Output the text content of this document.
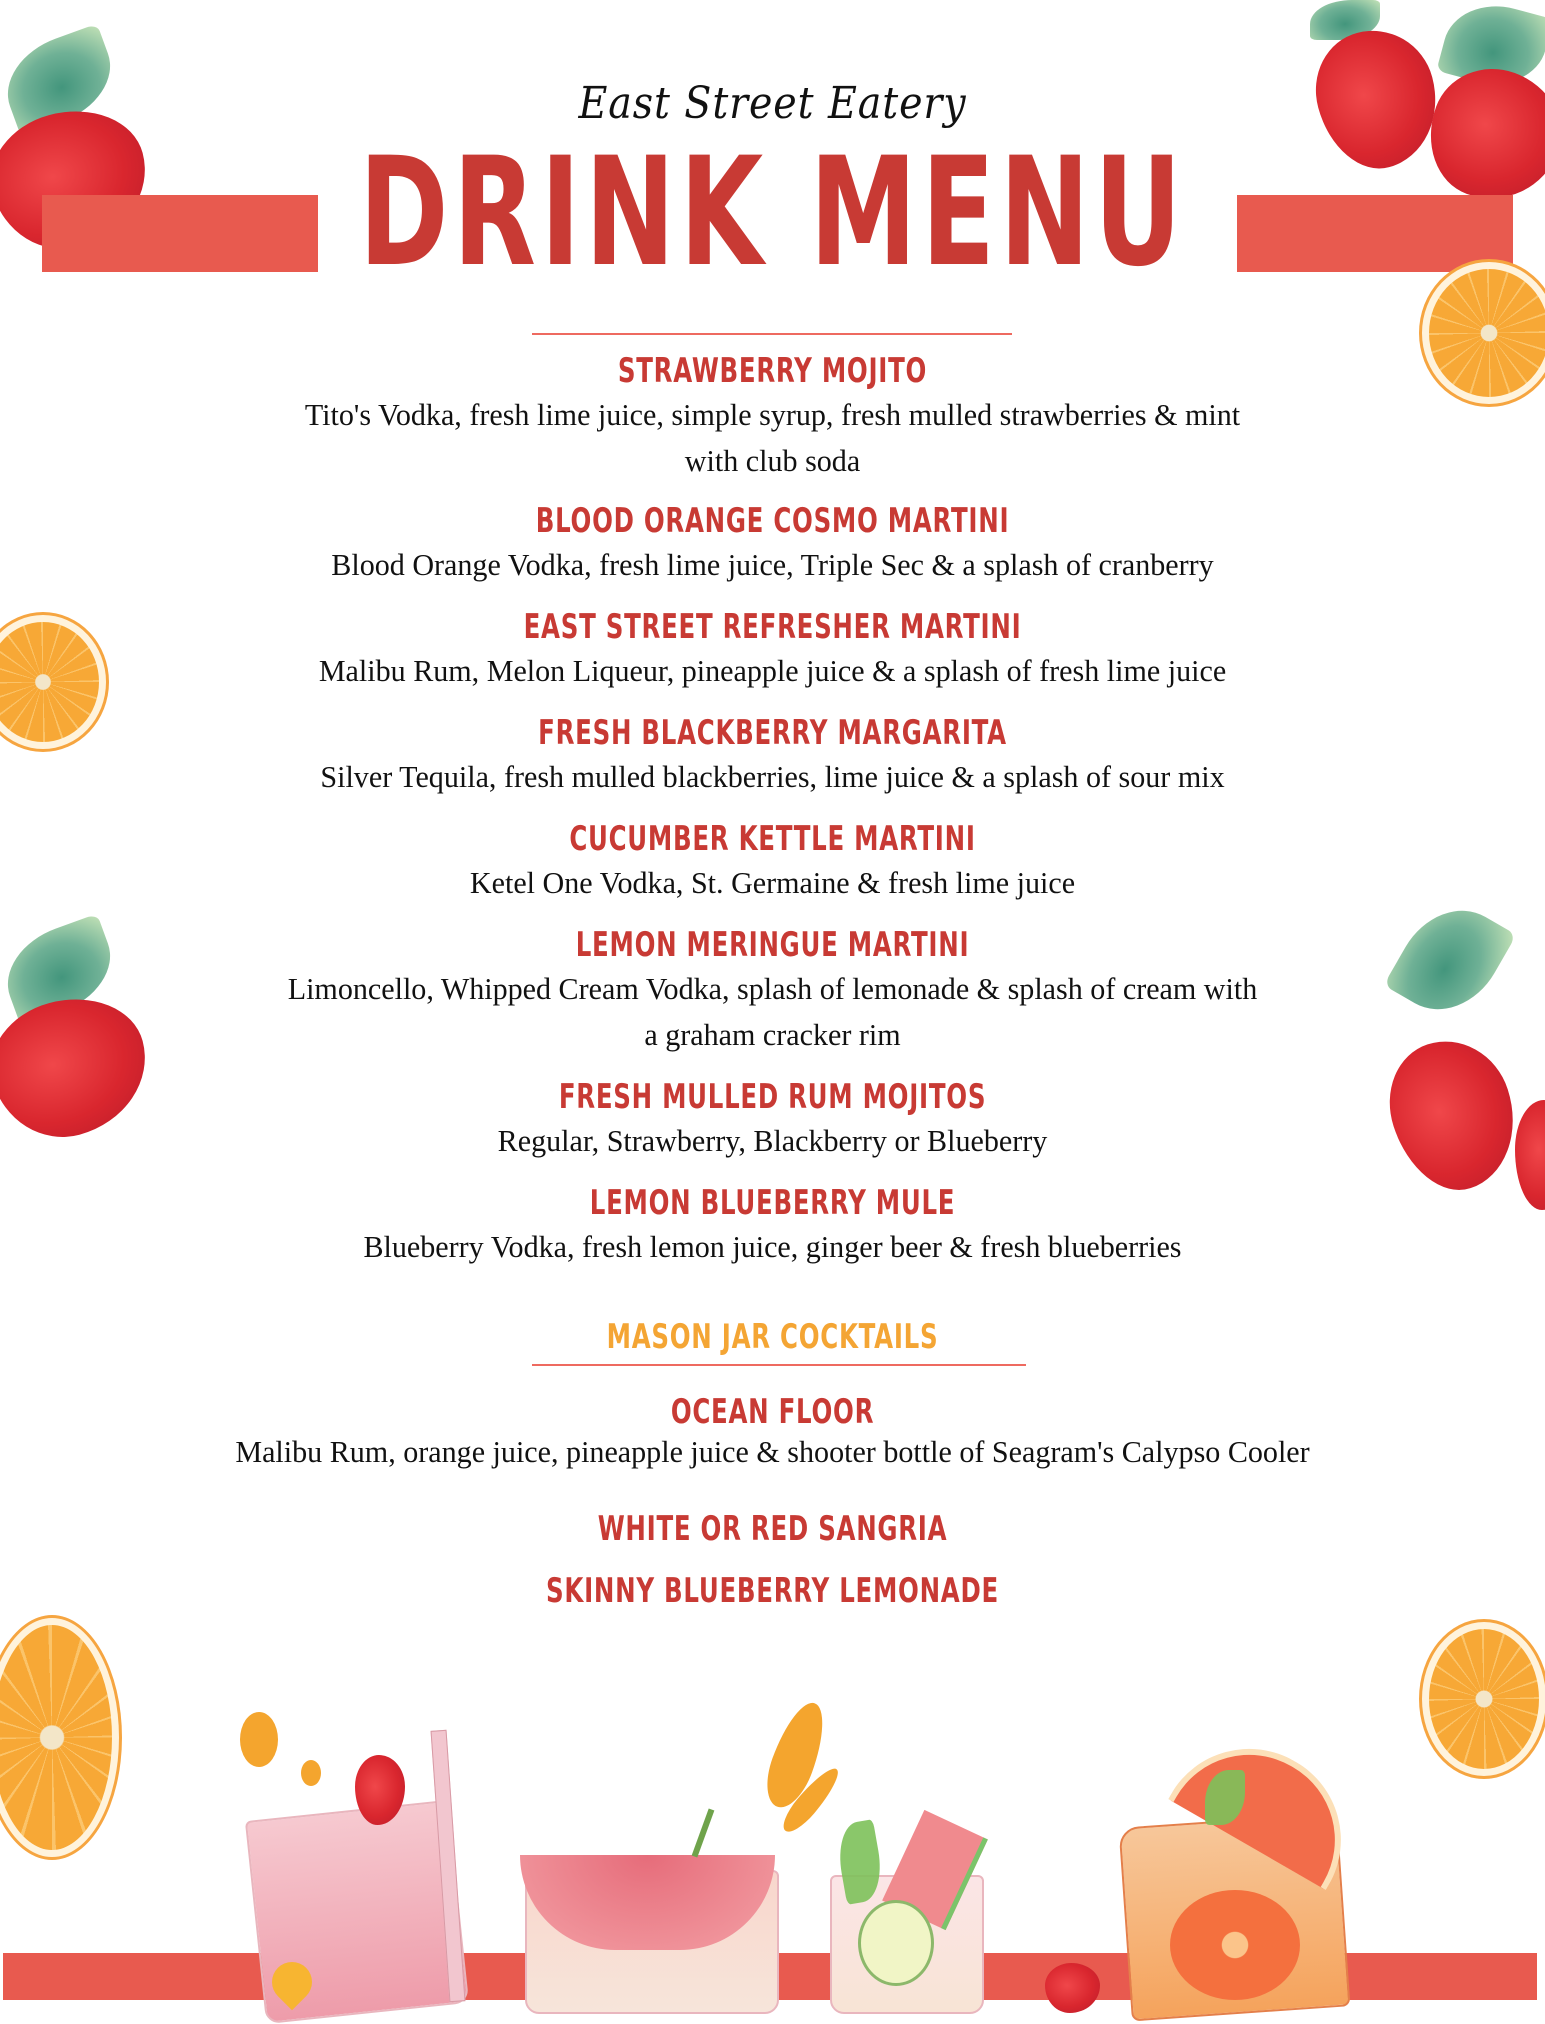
East Street Eatery
DRINK MENU
STRAWBERRY MOJITO
Tito's Vodka, fresh lime juice, simple syrup, fresh mulled strawberries & mint
with club soda
BLOOD ORANGE COSMO MARTINI
Blood Orange Vodka, fresh lime juice, Triple Sec & a splash of cranberry
EAST STREET REFRESHER MARTINI
Malibu Rum, Melon Liqueur, pineapple juice & a splash of fresh lime juice
FRESH BLACKBERRY MARGARITA
Silver Tequila, fresh mulled blackberries, lime juice & a splash of sour mix
CUCUMBER KETTLE MARTINI
Ketel One Vodka, St. Germaine & fresh lime juice
LEMON MERINGUE MARTINI
Limoncello, Whipped Cream Vodka, splash of lemonade & splash of cream with
a graham cracker rim
FRESH MULLED RUM MOJITOS
Regular, Strawberry, Blackberry or Blueberry
LEMON BLUEBERRY MULE
Blueberry Vodka, fresh lemon juice, ginger beer & fresh blueberries
MASON JAR COCKTAILS
OCEAN FLOOR
Malibu Rum, orange juice, pineapple juice & shooter bottle of Seagram's Calypso Cooler
WHITE OR RED SANGRIA
SKINNY BLUEBERRY LEMONADE
